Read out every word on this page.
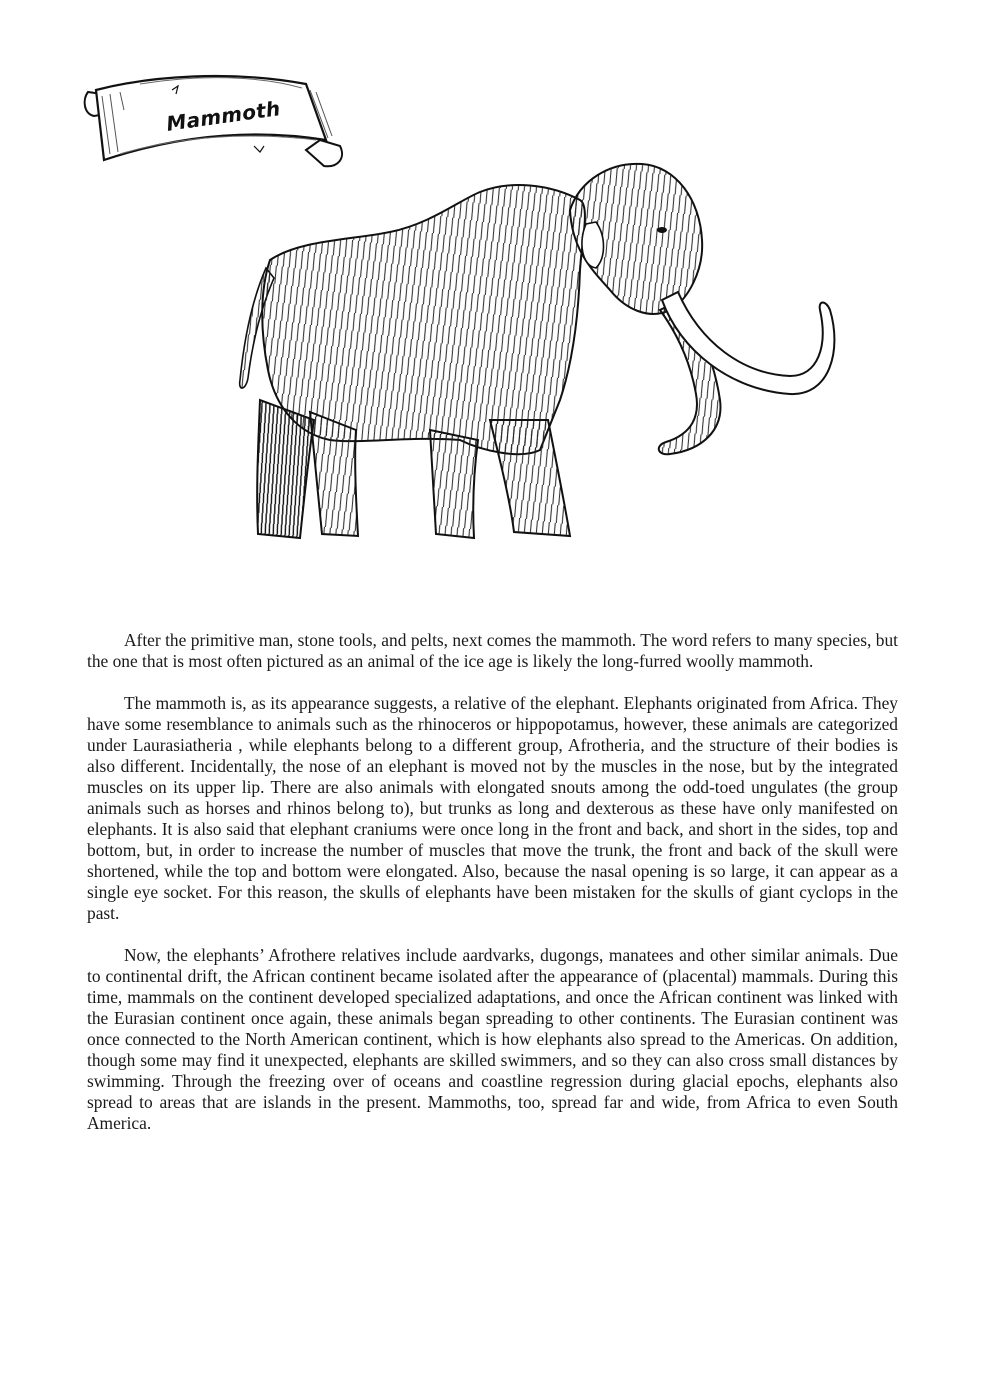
Mammoth

After the primitive man, stone tools, and pelts, next comes the mammoth. The word refers to many species, but the one that is most often pictured as an animal of the ice age is likely the long-furred woolly mammoth.

The mammoth is, as its appearance suggests, a relative of the elephant. Elephants originated from Africa. They have some resemblance to animals such as the rhinoceros or hippopotamus, however, these animals are categorized under Laurasiatheria , while elephants belong to a different group, Afrotheria, and the structure of their bodies is also different. Incidentally, the nose of an elephant is moved not by the muscles in the nose, but by the integrated muscles on its upper lip. There are also animals with elongated snouts among the odd-toed ungulates (the group animals such as horses and rhinos belong to), but trunks as long and dexterous as these have only manifested on elephants. It is also said that elephant craniums were once long in the front and back, and short in the sides, top and bottom, but, in order to increase the number of muscles that move the trunk, the front and back of the skull were shortened, while the top and bottom were elongated. Also, because the nasal opening is so large, it can appear as a single eye socket. For this reason, the skulls of elephants have been mistaken for the skulls of giant cyclops in the past.

Now, the elephants’ Afrothere relatives include aardvarks, dugongs, manatees and other similar animals. Due to continental drift, the African continent became isolated after the appearance of (placental) mammals. During this time, mammals on the continent developed specialized adaptations, and once the African continent was linked with the Eurasian continent once again, these animals began spreading to other continents. The Eurasian continent was once connected to the North American continent, which is how elephants also spread to the Americas. On addition, though some may find it unexpected, elephants are skilled swimmers, and so they can also cross small distances by swimming. Through the freezing over of oceans and coastline regression during glacial epochs, elephants also spread to areas that are islands in the present. Mammoths, too, spread far and wide, from Africa to even South America.
